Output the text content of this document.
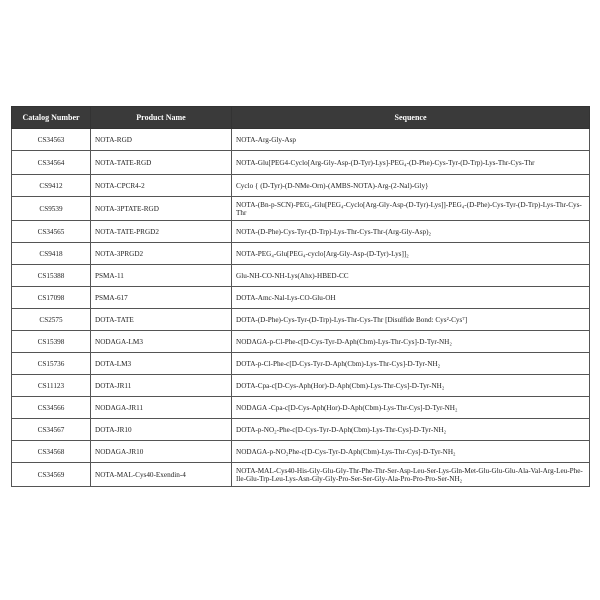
Catalog Number	Product Name	Sequence
CS34563	NOTA-RGD	NOTA-Arg-Gly-Asp
CS34564	NOTA-TATE-RGD	NOTA-Glu[PEG4-Cyclo[Arg-Gly-Asp-(D-Tyr)-Lys]-PEG₄-(D-Phe)-Cys-Tyr-(D-Trp)-Lys-Thr-Cys-Thr
CS9412	NOTA-CPCR4-2	Cyclo { (D-Tyr)-(D-NMe-Orn)-(AMBS-NOTA)-Arg-(2-Nal)-Gly}
CS9539	NOTA-3PTATE-RGD	NOTA-(Bn-p-SCN)-PEG₄-Glu[PEG₄-Cyclo[Arg-Gly-Asp-(D-Tyr)-Lys]]-PEG₄-(D-Phe)-Cys-Tyr-(D-Trp)-Lys-Thr-Cys-Thr
CS34565	NOTA-TATE-PRGD2	NOTA-(D-Phe)-Cys-Tyr-(D-Trp)-Lys-Thr-Cys-Thr-(Arg-Gly-Asp)₂
CS9418	NOTA-3PRGD2	NOTA-PEG₄-Glu[PEG₄-cyclo[Arg-Gly-Asp-(D-Tyr)-Lys]]₂
CS15388	PSMA-11	Glu-NH-CO-NH-Lys(Ahx)-HBED-CC
CS17098	PSMA-617	DOTA-Amc-Nal-Lys-CO-Glu-OH
CS2575	DOTA-TATE	DOTA-(D-Phe)-Cys-Tyr-(D-Trp)-Lys-Thr-Cys-Thr [Disulfide Bond: Cys²-Cys⁷]
CS15398	NODAGA-LM3	NODAGA-p-Cl-Phe-c[D-Cys-Tyr-D-Aph(Cbm)-Lys-Thr-Cys]-D-Tyr-NH₂
CS15736	DOTA-LM3	DOTA-p-Cl-Phe-c[D-Cys-Tyr-D-Aph(Cbm)-Lys-Thr-Cys]-D-Tyr-NH₂
CS11123	DOTA-JR11	DOTA-Cpa-c[D-Cys-Aph(Hor)-D-Aph(Cbm)-Lys-Thr-Cys]-D-Tyr-NH₂
CS34566	NODAGA-JR11	NODAGA -Cpa-c[D-Cys-Aph(Hor)-D-Aph(Cbm)-Lys-Thr-Cys]-D-Tyr-NH₂
CS34567	DOTA-JR10	DOTA-p-NO₂-Phe-c[D-Cys-Tyr-D-Aph(Cbm)-Lys-Thr-Cys]-D-Tyr-NH₂
CS34568	NODAGA-JR10	NODAGA-p-NO₂Phe-c[D-Cys-Tyr-D-Aph(Cbm)-Lys-Thr-Cys]-D-Tyr-NH₂
CS34569	NOTA-MAL-Cys40-Exendin-4	NOTA-MAL-Cys40-His-Gly-Glu-Gly-Thr-Phe-Thr-Ser-Asp-Leu-Ser-Lys-Gln-Met-Glu-Glu-Glu-Ala-Val-Arg-Leu-Phe-Ile-Glu-Trp-Leu-Lys-Asn-Gly-Gly-Pro-Ser-Ser-Gly-Ala-Pro-Pro-Pro-Ser-NH₂
